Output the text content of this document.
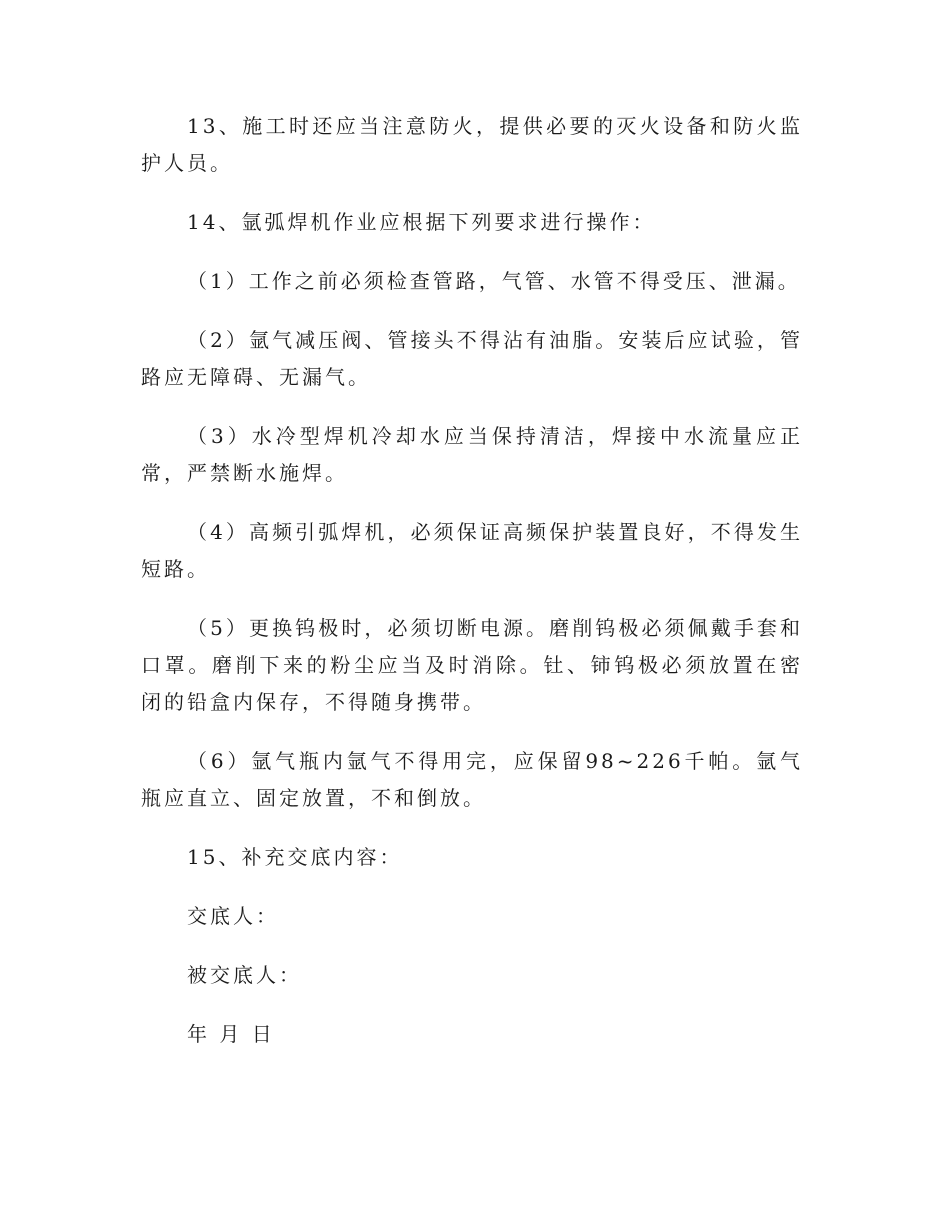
13、施工时还应当注意防火，提供必要的灭火设备和防火监护人员。

14、氩弧焊机作业应根据下列要求进行操作：

（1）工作之前必须检查管路，气管、水管不得受压、泄漏。

（2）氩气减压阀、管接头不得沾有油脂。安装后应试验，管路应无障碍、无漏气。

（3）水冷型焊机冷却水应当保持清洁，焊接中水流量应正常，严禁断水施焊。

（4）高频引弧焊机，必须保证高频保护装置良好，不得发生短路。

（5）更换钨极时，必须切断电源。磨削钨极必须佩戴手套和口罩。磨削下来的粉尘应当及时消除。钍、铈钨极必须放置在密闭的铅盒内保存，不得随身携带。

（6）氩气瓶内氩气不得用完，应保留98~226千帕。氩气瓶应直立、固定放置，不和倒放。

15、补充交底内容：

交底人：

被交底人：

年 月 日
